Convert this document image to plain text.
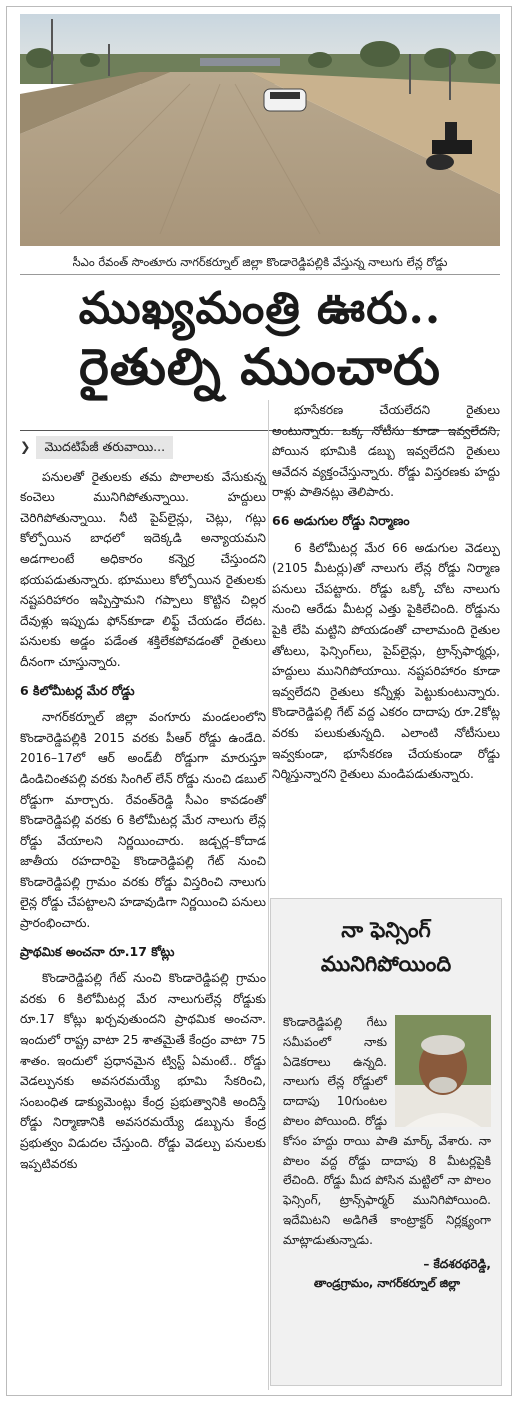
సీఎం రేవంత్ సొంతూరు నాగర్‌కర్నూల్ జిల్లా కొండారెడ్డిపల్లికి వేస్తున్న నాలుగు లేన్ల రోడ్డు
ముఖ్యమంత్రి ఊరు..
రైతుల్ని ముంచారు

❯	మొదటిపేజీ తరువాయి...

పనులతో రైతులకు తమ పొలాలకు వేసుకున్న కంచెలు మునిగిపోతున్నాయి. హద్దులు చెరిగిపోతున్నాయి. నీటి పైప్‌లైన్లు, చెట్లు, గట్లు కోల్పోయిన బాధలో ఇదెక్కడి అన్యాయమని అడగాలంటే అధికారం కన్నెర్ర చేస్తుందని భయపడుతున్నారు. భూములు కోల్పోయిన రైతులకు నష్టపరిహారం ఇప్పిస్తామని గప్పాలు కొట్టిన చిల్లర దేవుళ్లు ఇప్పుడు ఫోన్‌కూడా లిఫ్ట్ చేయడం లేదట. పనులకు అడ్డం పడేంత శక్తిలేకపోవడంతో రైతులు దీనంగా చూస్తున్నారు.

6 కిలోమీటర్ల మేర రోడ్డు

నాగర్‌కర్నూల్ జిల్లా వంగూరు మండలంలోని కొండారెడ్డిపల్లికి 2015 వరకు పీఆర్ రోడ్డు ఉండేది. 2016–17లో ఆర్ అండ్‌బీ రోడ్డుగా మారుస్తూ డిండిచింతపల్లి వరకు సింగిల్ లేన్ రోడ్డు నుంచి డబుల్ రోడ్డుగా మార్చారు. రేవంత్‌రెడ్డి సీఎం కావడంతో కొండారెడ్డిపల్లి వరకు 6 కిలోమీటర్ల మేర నాలుగు లేన్ల రోడ్డు వేయాలని నిర్ణయించారు. జడ్చర్ల–కోదాడ జాతీయ రహదారిపై కొండారెడ్డిపల్లి గేట్ నుంచి కొండారెడ్డిపల్లి గ్రామం వరకు రోడ్డు విస్తరించి నాలుగు లైన్ల రోడ్డు చేపట్టాలని హడావుడిగా నిర్ణయించి పనులు ప్రారంభించారు.

ప్రాథమిక అంచనా రూ.17 కోట్లు

కొండారెడ్డిపల్లి గేట్ నుంచి కొండారెడ్డిపల్లి గ్రామం వరకు 6 కిలోమీటర్ల మేర నాలుగులేన్ల రోడ్డుకు రూ.17 కోట్లు ఖర్చవుతుందని ప్రాథమిక అంచనా. ఇందులో రాష్ట్ర వాటా 25 శాతమైతే కేంద్రం వాటా 75 శాతం. ఇందులో ప్రధానమైన ట్విస్ట్ ఏమంటే.. రోడ్డు వెడల్పునకు అవసరమయ్యే భూమి సేకరించి, సంబంధిత డాక్యుమెంట్లు కేంద్ర ప్రభుత్వానికి అందిస్తే రోడ్డు నిర్మాణానికి అవసరమయ్యే డబ్బును కేంద్ర ప్రభుత్వం విడుదల చేస్తుంది. రోడ్డు వెడల్పు పనులకు ఇప్పటివరకు

భూసేకరణ చేయలేదని రైతులు అంటున్నారు. ఒక్క నోటీసు కూడా ఇవ్వలేదని, పోయిన భూమికి డబ్బు ఇవ్వలేదని రైతులు ఆవేదన వ్యక్తంచేస్తున్నారు. రోడ్డు విస్తరణకు హద్దు రాళ్లు పాతినట్లు తెలిపారు.

66 అడుగుల రోడ్డు నిర్మాణం

6 కిలోమీటర్ల మేర 66 అడుగుల వెడల్పు (2105 మీటర్లు)తో నాలుగు లేన్ల రోడ్డు నిర్మాణ పనులు చేపట్టారు. రోడ్డు ఒక్కో చోట నాలుగు నుంచి ఆరేడు మీటర్ల ఎత్తు పైకిలేచింది. రోడ్డును పైకి లేపి మట్టిని పోయడంతో చాలామంది రైతుల తోటలు, ఫెన్సింగ్‌లు, పైప్‌లైన్లు, ట్రాన్స్‌ఫార్మర్లు, హద్దులు మునిగిపోయాయి. నష్టపరిహారం కూడా ఇవ్వలేదని రైతులు కన్నీళ్లు పెట్టుకుంటున్నారు. కొండారెడ్డిపల్లి గేట్ వద్ద ఎకరం దాదాపు రూ.2కోట్ల వరకు పలుకుతున్నది. ఎలాంటి నోటీసులు ఇవ్వకుండా, భూసేకరణ చేయకుండా రోడ్డు నిర్మిస్తున్నారని రైతులు మండిపడుతున్నారు.

నా ఫెన్సింగ్
మునిగిపోయింది

కొండారెడ్డిపల్లి గేటు సమీపంలో నాకు ఏడెకరాలు ఉన్నది. నాలుగు లేన్ల రోడ్డులో దాదాపు 10గుంటల పొలం పోయింది. రోడ్డు కోసం హద్దు రాయి పాతి మార్క్ వేశారు. నా పొలం వద్ద రోడ్డు దాదాపు 8 మీటర్లపైకి లేచింది. రోడ్డు మీద పోసిన మట్టిలో నా పొలం ఫెన్సింగ్, ట్రాన్స్‌ఫార్మర్ మునిగిపోయింది. ఇదేమిటని అడిగితే కాంట్రాక్టర్ నిర్లక్ష్యంగా మాట్లాడుతున్నాడు.

– కేదశరథరెడ్డి,

తాండ్రగ్రామం, నాగర్‌కర్నూల్ జిల్లా
